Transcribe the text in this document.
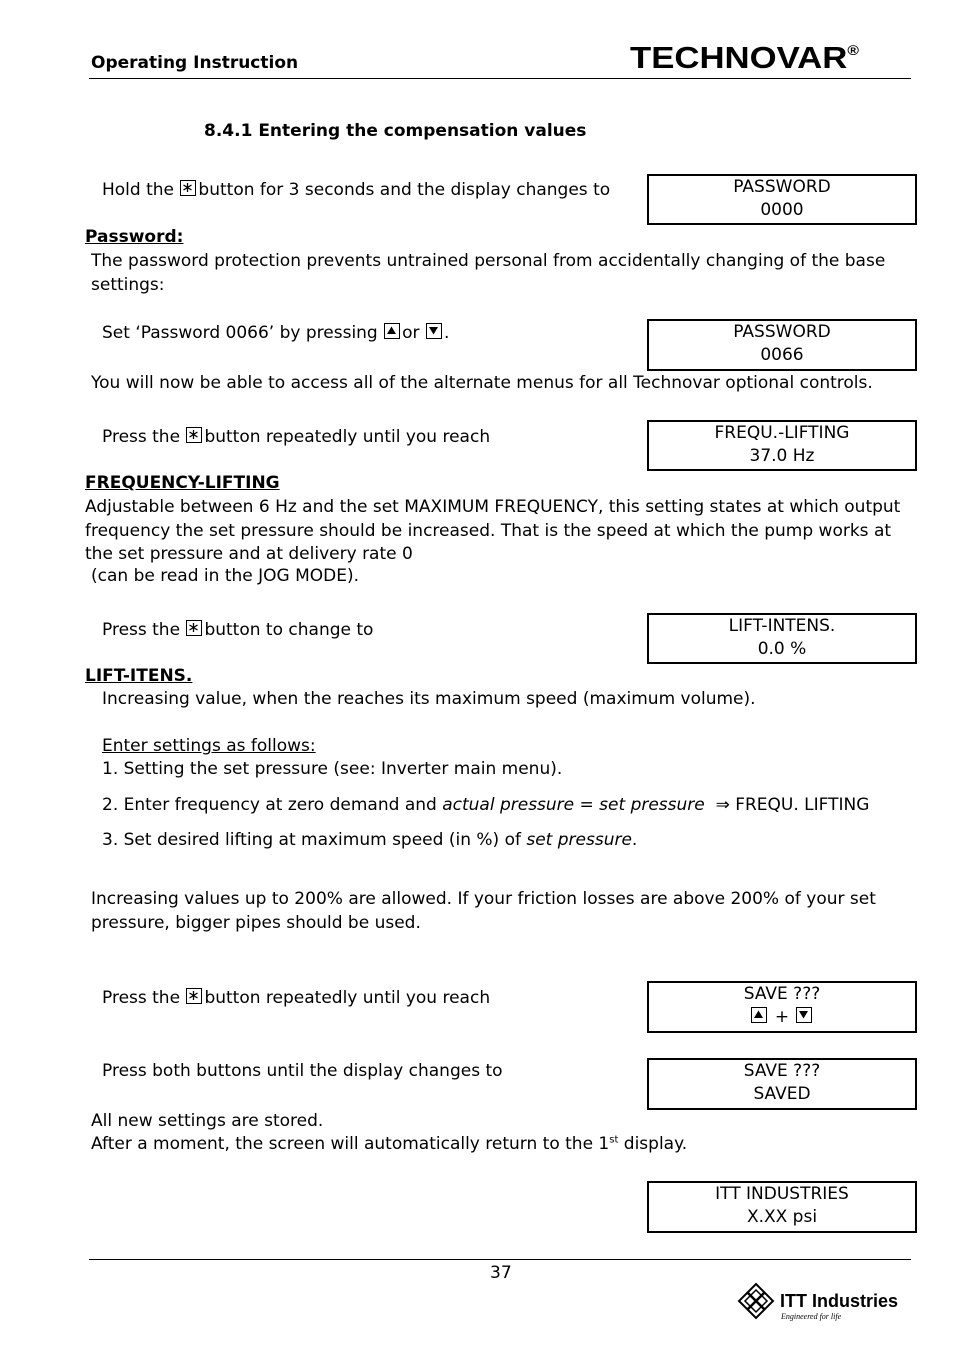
Operating Instruction	TECHNOVAR®
8.4.1 Entering the compensation values
Hold the button for 3 seconds and the display changes to	PASSWORD
0000
Password:
The password protection prevents untrained personal from accidentally changing of the base settings:
Set ‘Password 0066’ by pressing or .	PASSWORD
0066
You will now be able to access all of the alternate menus for all Technovar optional controls.
Press the button repeatedly until you reach	FREQU.-LIFTING
37.0 Hz
FREQUENCY-LIFTING
Adjustable between 6 Hz and the set MAXIMUM FREQUENCY, this setting states at which output frequency the set pressure should be increased. That is the speed at which the pump works at the set pressure and at delivery rate 0
(can be read in the JOG MODE).
Press the button to change to	LIFT-INTENS.
0.0 %
LIFT-ITENS.
Increasing value, when the reaches its maximum speed (maximum volume).
Enter settings as follows:
1. Setting the set pressure (see: Inverter main menu).
2. Enter frequency at zero demand and actual pressure = set pressure ⇒ FREQU. LIFTING
3. Set desired lifting at maximum speed (in %) of set pressure.
Increasing values up to 200% are allowed. If your friction losses are above 200% of your set pressure, bigger pipes should be used.
Press the button repeatedly until you reach	SAVE ???
+
Press both buttons until the display changes to	SAVE ???
SAVED
All new settings are stored.
After a moment, the screen will automatically return to the 1st display.
ITT INDUSTRIES
X.XX psi
37
ITT Industries
Engineered for life
